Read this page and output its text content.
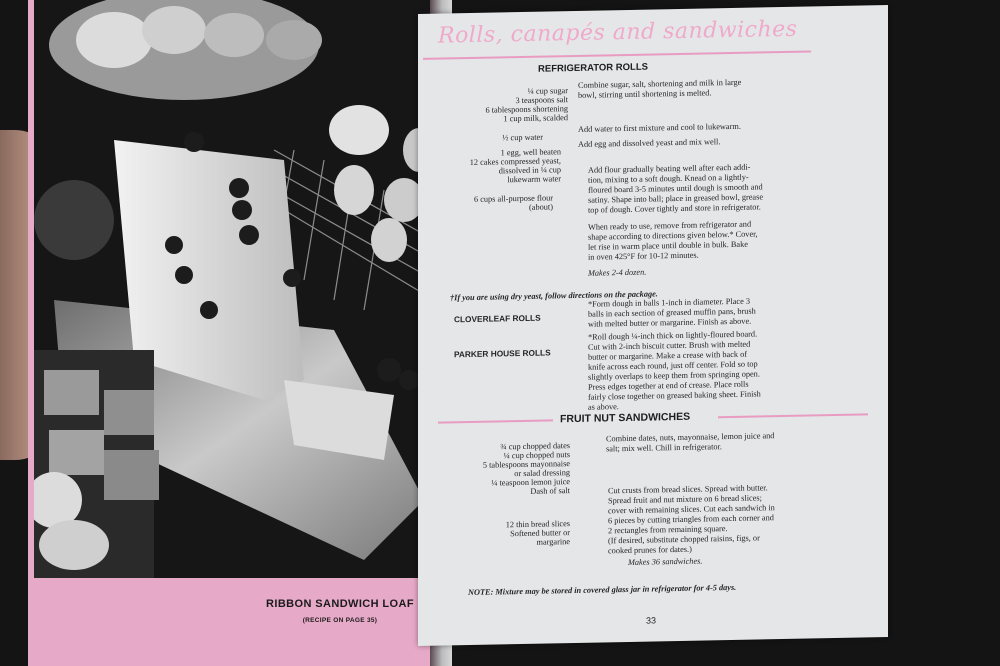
RIBBON SANDWICH LOAF
(RECIPE ON PAGE 35)
Rolls, canapés and sandwiches
REFRIGERATOR ROLLS
¼ cup sugar
3 teaspoons salt
6 tablespoons shortening
1 cup milk, scalded
Combine sugar, salt, shortening and milk in large
bowl, stirring until shortening is melted.
½ cup water
Add water to first mixture and cool to lukewarm.
Add egg and dissolved yeast and mix well.
1 egg, well beaten
12 cakes compressed yeast,
dissolved in ¼ cup
lukewarm water
6 cups all-purpose flour
(about)
Add flour gradually beating well after each addi-
tion, mixing to a soft dough. Knead on a lightly-
floured board 3-5 minutes until dough is smooth and
satiny. Shape into ball; place in greased bowl, grease
top of dough. Cover tightly and store in refrigerator.
When ready to use, remove from refrigerator and
shape according to directions given below.* Cover,
let rise in warm place until double in bulk. Bake
in oven 425°F for 10-12 minutes.
Makes 2-4 dozen.
†If you are using dry yeast, follow directions on the package.
CLOVERLEAF ROLLS
*Form dough in balls 1-inch in diameter. Place 3
balls in each section of greased muffin pans, brush
with melted butter or margarine. Finish as above.
PARKER HOUSE ROLLS
*Roll dough ¼-inch thick on lightly-floured board.
Cut with 2-inch biscuit cutter. Brush with melted
butter or margarine. Make a crease with back of
knife across each round, just off center. Fold so top
slightly overlaps to keep them from springing open.
Press edges together at end of crease. Place rolls
fairly close together on greased baking sheet. Finish
as above.
FRUIT NUT SANDWICHES
¾ cup chopped dates
¼ cup chopped nuts
5 tablespoons mayonnaise
or salad dressing
¼ teaspoon lemon juice
Dash of salt
Combine dates, nuts, mayonnaise, lemon juice and
salt; mix well. Chill in refrigerator.
12 thin bread slices
Softened butter or
margarine
Cut crusts from bread slices. Spread with butter.
Spread fruit and nut mixture on 6 bread slices;
cover with remaining slices. Cut each sandwich in
6 pieces by cutting triangles from each corner and
2 rectangles from remaining square.
(If desired, substitute chopped raisins, figs, or
cooked prunes for dates.)
Makes 36 sandwiches.
NOTE: Mixture may be stored in covered glass jar in refrigerator for 4-5 days.
33
